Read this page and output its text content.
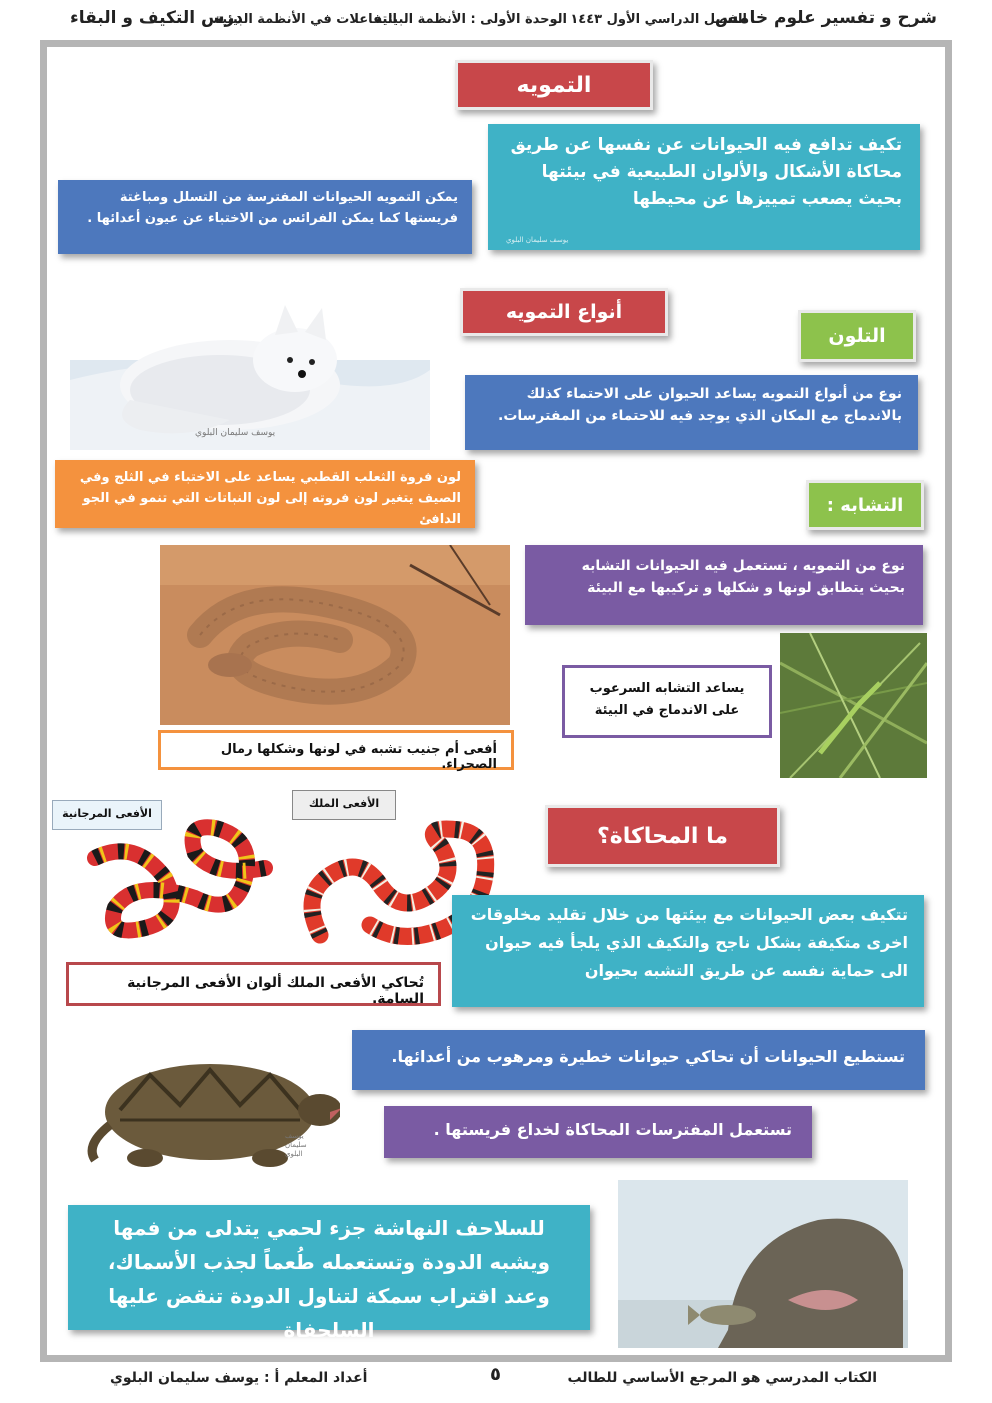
شرح و تفسير علوم خامس
الفصل الدراسي الأول ١٤٤٣
الوحدة الأولى : الأنظمة البيئية
التفاعلات في الأنظمة البيئية
درس التكيف و البقاء
التمويه
تكيف تدافع فيه الحيوانات عن نفسها عن طريق محاكاة الأشكال والألوان الطبيعية في بيئتها بحيث يصعب تمييزها عن محيطها
يوسف سليمان البلوي
يمكن التمويه الحيوانات المفترسة من التسلل ومباغتة فريستها كما يمكن الفرائس من الاختباء عن عيون أعدائها .
يوسف سليمان البلوي
أنواع التمويه
التلون
نوع من أنواع التمويه يساعد الحيوان على الاحتماء كذلك بالاندماج مع المكان الذي يوجد فيه للاحتماء من المفترسات.
لون فروة الثعلب القطبي يساعد على الاختباء في الثلج وفي الصيف يتغير لون فروته إلى لون النباتات التي تنمو في الجو الدافئ
التشابه :
نوع من التمويه ، تستعمل فيه الحيوانات التشابه بحيث يتطابق لونها و شكلها و تركيبها مع البيئة
يساعد التشابه السرعوب على الاندماج في البيئة
أفعى أم جنيب تشبه في لونها وشكلها رمال الصحراء.
الأفعى المرجانية
الأفعى الملك
ما المحاكاة؟
تتكيف بعض الحيوانات مع بيئتها من خلال تقليد مخلوقات اخرى متكيفة بشكل ناجح والتكيف الذي يلجأ فيه حيوان الى حماية نفسه عن طريق التشبه بحيوان
تُحاكي الأفعى الملك ألوان الأفعى المرجانية السامة.
تستطيع الحيوانات أن تحاكي حيوانات خطيرة ومرهوب من أعدائها.
يوسف سليمان البلوي
تستعمل المفترسات المحاكاة لخداع فريستها .
للسلاحف النهاشة جزء لحمي يتدلى من فمها ويشبه الدودة وتستعمله طُعماً لجذب الأسماك، وعند اقتراب سمكة لتناول الدودة تنقض عليها السلحفاة
الكتاب المدرسي هو المرجع الأساسي للطالب
٥
أعداد المعلم أ : يوسف سليمان البلوي
